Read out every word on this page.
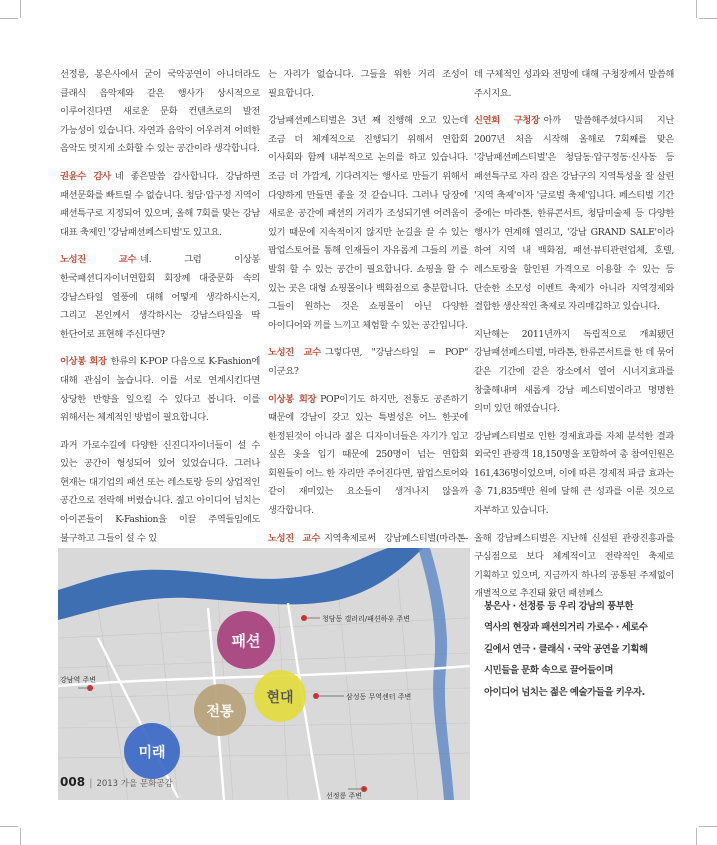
선정릉, 봉은사에서 굳이 국악공연이 아니더라도 클래식 음악제와 같은 행사가 상시적으로 이루어진다면 새로운 문화 컨텐츠로의 발전 가능성이 있습니다. 자연과 음악이 어우러져 어떠한 음악도 멋지게 소화할 수 있는 공간이라 생각합니다.

권윤수 감사 네 좋은말씀 감사합니다. 강남하면 패션문화를 빠트릴 수 없습니다. 청담·압구정 지역이 패션특구로 지정되어 있으며, 올해 7회를 맞는 강남 대표 축제인 '강남패션페스티벌'도 있고요.

노성진 교수 네. 그럼 이상봉 한국패션디자이너연합회 회장께 대중문화 속의 강남스타일 열풍에 대해 어떻게 생각하시는지, 그리고 본인께서 생각하시는 강남스타일을 딱 한단어로 표현해 주신다면?

이상봉 회장 한류의 K-POP 다음으로 K-Fashion에 대해 관심이 높습니다. 이를 서로 연계시킨다면 상당한 반향을 일으킬 수 있다고 봅니다. 이를 위해서는 체계적인 방법이 필요합니다.

과거 가로수길에 다양한 신진디자이너들이 설 수 있는 공간이 형성되어 있어 있었습니다. 그러나 현재는 대기업의 패션 또는 레스토랑 등의 상업적인 공간으로 전락해 버렸습니다. 젊고 아이디어 넘치는 아이콘들이 K-Fashion을 이끌 주역들임에도 불구하고 그들이 설 수 있

는 자리가 없습니다. 그들을 위한 거리 조성이 필요합니다.

강남패션페스티벌은 3년 째 진행해 오고 있는데 조금 더 체계적으로 진행되기 위해서 연합회 이사회와 함께 내부적으로 논의를 하고 있습니다. 조금 더 가깝게, 기다려지는 행사로 만들기 위해서 다양하게 만들면 좋을 것 같습니다. 그러나 당장에 새로운 공간에 패션의 거리가 조성되기엔 어려움이 있기 때문에 지속적이지 않지만 눈길을 끌 수 있는 팝업스토어를 통해 인재들이 자유롭게 그들의 끼를 발휘 할 수 있는 공간이 필요합니다. 쇼핑을 할 수 있는 곳은 대형 쇼핑몰이나 백화점으로 충분합니다. 그들이 원하는 것은 쇼핑몰이 아닌 다양한 아이디어와 끼를 느끼고 체험할 수 있는 공간입니다.

노성진 교수 그렇다면, "강남스타일 = POP" 이군요?

이상봉 회장 POP이기도 하지만, 전통도 공존하기 때문에 강남이 갖고 있는 특별성은 어느 한곳에 한정된것이 아니라 젊은 디자이너들은 자기가 입고 싶은 옷을 입기 때문에 250명이 넘는 연합회 회원들이 어느 한 자리만 주어진다면, 팝업스토어와 같이 재미있는 요소들이 생겨나지 않을까 생각합니다.

노성진 교수 지역축제로써 강남페스티벌(마라톤-

데 구체적인 성과와 전망에 대해 구청장께서 말씀해 주시지요.

신연희 구청장 아까 말씀해주셨다시피 지난 2007년 처음 시작해 올해로 7회째를 맞은 '강남패션페스티벌'은 청담동·압구정동·신사동 등 패션특구로 자리 잡은 강남구의 지역특성을 잘 살린 '지역 축제'이자 '글로벌 축제'입니다. 페스티벌 기간 중에는 마라톤, 한류콘서트, 청담미술제 등 다양한 행사가 연계해 열리고, '강남 GRAND SALE'이라 하여 지역 내 백화점, 패션·뷰티관련업체, 호텔, 레스토랑을 할인된 가격으로 이용할 수 있는 등 단순한 소모성 이벤트 축제가 아니라 지역경제와 결합한 생산적인 축제로 자리매김하고 있습니다.

지난해는 2011년까지 독립적으로 개최됐던 강남패션페스티벌, 마라톤, 한류콘서트를 한 데 묶어 같은 기간에 같은 장소에서 열어 시너지효과를 창출해내며 새롭게 강남 페스티벌이라고 명명한 의미 있던 해였습니다.

강남페스티벌로 인한 경제효과를 자체 분석한 결과 외국인 관광객 18,150명을 포함하여 총 참여인원은 161,436명이었으며, 이에 따른 경제적 파급 효과는 총 71,835백만 원에 달해 큰 성과를 이룬 것으로 자부하고 있습니다.

올해 강남페스티벌은 지난해 신설된 관광진흥과를 구심점으로 보다 체계적이고 전략적인 축제로 기획하고 있으며, 지금까지 하나의 공통된 주제없이 개별적으로 추진돼 왔던 패션페스

패션
현대
전통
미래
청담동 갤러리/패션하우 주변
삼성동 무역센터 주변
강남역 주변
선정릉 주변
봉은사 · 선정릉 등 우리 강남의 풍부한
역사의 현장과 패션의거리 가로수 · 세로수
길에서 연극 · 클래식 · 국악 공연을 기획해
시민들을 문화 속으로 끌어들이며
아이디어 넘치는 젊은 예술가들을 키우자.
008 | 2013 가을 문화공감
